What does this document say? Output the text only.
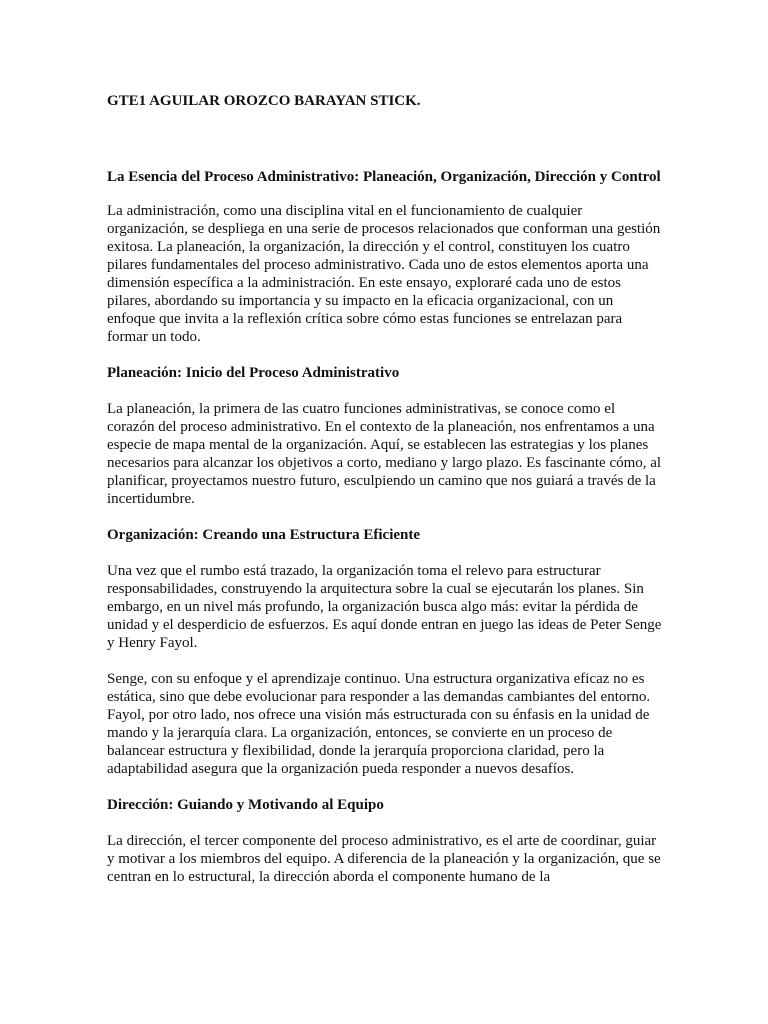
GTE1 AGUILAR OROZCO BARAYAN STICK.

La Esencia del Proceso Administrativo: Planeación, Organización, Dirección y Control

La administración, como una disciplina vital en el funcionamiento de cualquier organización, se despliega en una serie de procesos relacionados que conforman una gestión exitosa. La planeación, la organización, la dirección y el control, constituyen los cuatro pilares fundamentales del proceso administrativo. Cada uno de estos elementos aporta una dimensión específica a la administración. En este ensayo, exploraré cada uno de estos pilares, abordando su importancia y su impacto en la eficacia organizacional, con un enfoque que invita a la reflexión crítica sobre cómo estas funciones se entrelazan para formar un todo.

Planeación: Inicio del Proceso Administrativo

La planeación, la primera de las cuatro funciones administrativas, se conoce como el corazón del proceso administrativo. En el contexto de la planeación, nos enfrentamos a una especie de mapa mental de la organización. Aquí, se establecen las estrategias y los planes necesarios para alcanzar los objetivos a corto, mediano y largo plazo. Es fascinante cómo, al planificar, proyectamos nuestro futuro, esculpiendo un camino que nos guiará a través de la incertidumbre.

Organización: Creando una Estructura Eficiente

Una vez que el rumbo está trazado, la organización toma el relevo para estructurar responsabilidades, construyendo la arquitectura sobre la cual se ejecutarán los planes. Sin embargo, en un nivel más profundo, la organización busca algo más: evitar la pérdida de unidad y el desperdicio de esfuerzos. Es aquí donde entran en juego las ideas de Peter Senge y Henry Fayol.

Senge, con su enfoque y el aprendizaje continuo. Una estructura organizativa eficaz no es estática, sino que debe evolucionar para responder a las demandas cambiantes del entorno. Fayol, por otro lado, nos ofrece una visión más estructurada con su énfasis en la unidad de mando y la jerarquía clara. La organización, entonces, se convierte en un proceso de balancear estructura y flexibilidad, donde la jerarquía proporciona claridad, pero la adaptabilidad asegura que la organización pueda responder a nuevos desafíos.

Dirección: Guiando y Motivando al Equipo

La dirección, el tercer componente del proceso administrativo, es el arte de coordinar, guiar y motivar a los miembros del equipo. A diferencia de la planeación y la organización, que se centran en lo estructural, la dirección aborda el componente humano de la
